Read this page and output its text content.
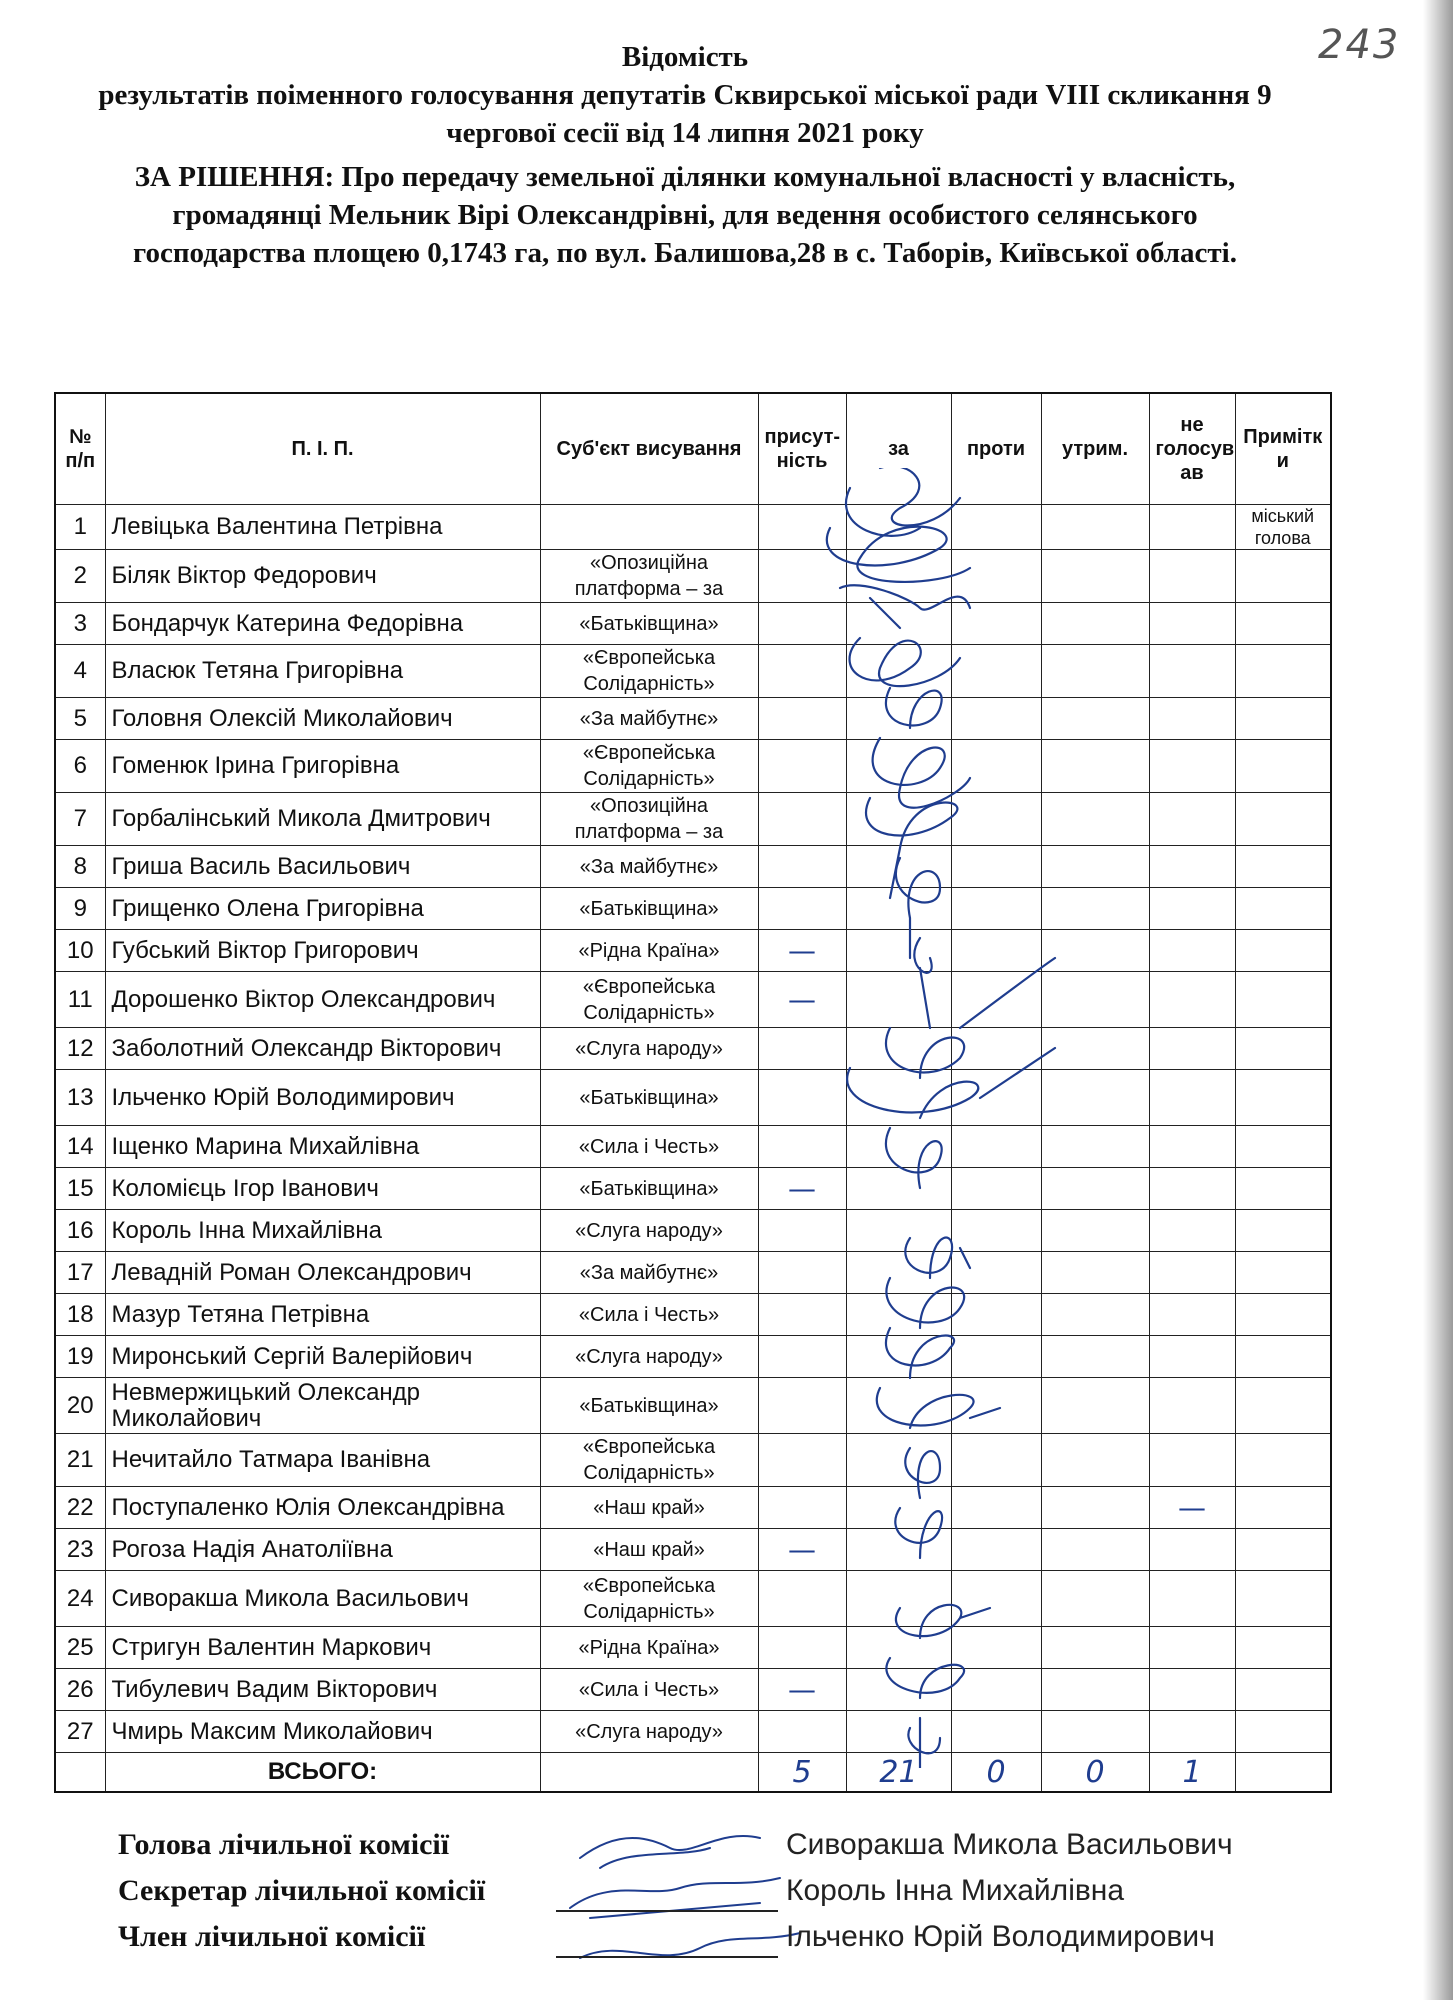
243
Відомість
результатів поіменного голосування депутатів Сквирської міської ради VIII скликання 9
чергової сесії від 14 липня 2021 року
ЗА РІШЕННЯ: Про передачу земельної ділянки комунальної власності у власність,
громадянці Мельник Вірі Олександрівні, для ведення особистого селянського
господарства площею 0,1743 га, по вул. Балишова,28 в с. Таборів, Київської області.
№ п/п	П. І. П.	Суб'єкт висування	присут-ність	за	проти	утрим.	не голосув ав	Примітк и
1	Левіцька Валентина Петрівна							міський голова
2	Біляк Віктор Федорович	«Опозиційна платформа – за						
3	Бондарчук Катерина Федорівна	«Батьківщина»						
4	Власюк Тетяна Григорівна	«Європейська Солідарність»						
5	Головня Олексій Миколайович	«За майбутнє»						
6	Гоменюк Ірина Григорівна	«Європейська Солідарність»						
7	Горбалінський Микола Дмитрович	«Опозиційна платформа – за						
8	Гриша Василь Васильович	«За майбутнє»						
9	Грищенко Олена Григорівна	«Батьківщина»						
10	Губський Віктор Григорович	«Рідна Країна»	—					
11	Дорошенко Віктор Олександрович	«Європейська Солідарність»	—					
12	Заболотний Олександр Вікторович	«Слуга народу»						
13	Ільченко Юрій Володимирович	«Батьківщина»						
14	Іщенко Марина Михайлівна	«Сила і Честь»						
15	Коломієць Ігор Іванович	«Батьківщина»	—					
16	Король Інна Михайлівна	«Слуга народу»						
17	Левадній Роман Олександрович	«За майбутнє»						
18	Мазур Тетяна Петрівна	«Сила і Честь»						
19	Миронський Сергій Валерійович	«Слуга народу»						
20	Невмержицький Олександр Миколайович	«Батьківщина»						
21	Нечитайло Татмара Іванівна	«Європейська Солідарність»						
22	Поступаленко Юлія Олександрівна	«Наш край»					—	
23	Рогоза Надія Анатоліївна	«Наш край»	—					
24	Сиворакша Микола Васильович	«Європейська Солідарність»						
25	Стригун Валентин Маркович	«Рідна Країна»						
26	Тибулевич Вадим Вікторович	«Сила і Честь»	—					
27	Чмирь Максим Миколайович	«Слуга народу»						
	ВСЬОГО:		5	21	0	0	1	
Голова лічильної комісії	Сиворакша Микола Васильович
Секретар лічильної комісії	Король Інна Михайлівна
Член лічильної комісії	Ільченко Юрій Володимирович
